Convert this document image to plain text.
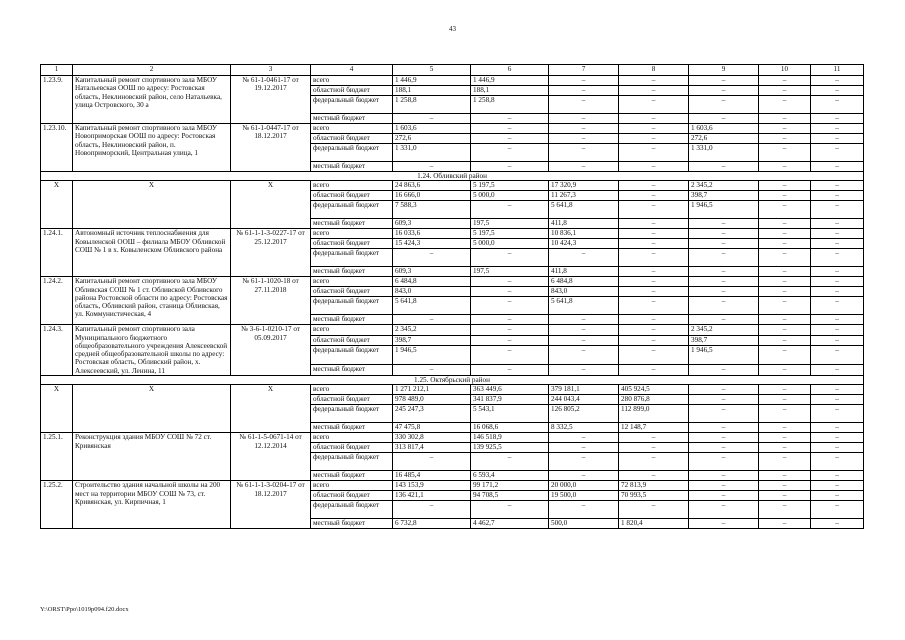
43
1	2	3	4	5	6	7	8	9	10	11
1.23.9.	Капитальный ремонт спортивного зала МБОУ Натальевская ООШ по адресу: Ростовская область, Неклиновский район, село Натальевка, улица Островского, 30 а	№ 61-1-0461-17 от 19.12.2017	всего	1 446,9	1 446,9	–	–	–	–	–
			областной бюджет	188,1	188,1	–	–	–	–	–
			федеральный бюджет	1 258,8	1 258,8	–	–	–	–	–
			местный бюджет	–	–	–	–	–	–	–
1.23.10.	Капитальный ремонт спортивного зала МБОУ Новоприморская ООШ по адресу: Ростовская область, Неклиновский район, п. Новоприморский, Центральная улица, 1	№ 61-1-0447-17 от 18.12.2017	всего	1 603,6	–	–	–	1 603,6	–	–
			областной бюджет	272,6	–	–	–	272,6	–	–
			федеральный бюджет	1 331,0	–	–	–	1 331,0	–	–
			местный бюджет	–	–	–	–	–	–	–
1.24. Обливский район										
Х	Х	Х	всего	24 863,6	5 197,5	17 320,9	–	2 345,2	–	–
			областной бюджет	16 666,0	5 000,0	11 267,3	–	398,7	–	–
			федеральный бюджет	7 588,3	–	5 641,8	–	1 946,5	–	–
			местный бюджет	609,3	197,5	411,8	–	–	–	–
1.24.1.	Автономный источник теплоснабжения для Ковыленской ООШ – филиала МБОУ Обливской СОШ № 1 в х. Ковыленском Обливского района	№ 61-1-1-3-0227-17 от 25.12.2017	всего	16 033,6	5 197,5	10 836,1	–	–	–	–
			областной бюджет	15 424,3	5 000,0	10 424,3	–	–	–	–
			федеральный бюджет	–	–	–	–	–	–	–
			местный бюджет	609,3	197,5	411,8	–	–	–	–
1.24.2.	Капитальный ремонт спортивного зала МБОУ Обливская СОШ № 1 ст. Обливской Обливского района Ростовской области по адресу: Ростовская область, Обливский район, станица Обливская, ул. Коммунистическая, 4	№ 61-1-1020-18 от 27.11.2018	всего	6 484,8	–	6 484,8	–	–	–	–
			областной бюджет	843,0	–	843,0	–	–	–	–
			федеральный бюджет	5 641,8	–	5 641,8	–	–	–	–
			местный бюджет	–	–	–	–	–	–	–
1.24.3.	Капитальный ремонт спортивного зала Муниципального бюджетного общеобразовательного учреждения Алексеевской средней общеобразовательной школы по адресу: Ростовская область, Обливский район, х. Алексеевский, ул. Ленина, 11	№ 3-6-1-0210-17 от 05.09.2017	всего	2 345,2	–	–	–	2 345,2	–	–
			областной бюджет	398,7	–	–	–	398,7	–	–
			федеральный бюджет	1 946,5	–	–	–	1 946,5	–	–
			местный бюджет	–	–	–	–	–	–	–
1.25. Октябрьский район										
Х	Х	Х	всего	1 271 212,1	363 449,6	379 181,1	405 924,5	–	–	–
			областной бюджет	978 489,0	341 837,9	244 043,4	280 876,8	–	–	–
			федеральный бюджет	245 247,3	5 543,1	126 805,2	112 899,0	–	–	–
			местный бюджет	47 475,8	16 068,6	8 332,5	12 148,7	–	–	–
1.25.1.	Реконструкция здания МБОУ СОШ № 72 ст. Кривянская	№ 61-1-5-0671-14 от 12.12.2014	всего	330 302,8	146 518,9	–	–	–	–	–
			областной бюджет	313 817,4	139 925,5	–	–	–	–	–
			федеральный бюджет	–	–	–	–	–	–	–
			местный бюджет	16 485,4	6 593,4	–	–	–	–	–
1.25.2.	Строительство здания начальной школы на 200 мест на территории МБОУ СОШ № 73, ст. Кривянская, ул. Кирпичная, 1	№ 61-1-1-3-0204-17 от 18.12.2017	всего	143 153,9	99 171,2	20 000,0	72 813,9	–	–	–
			областной бюджет	136 421,1	94 708,5	19 500,0	70 993,5	–	–	–
			федеральный бюджет	–	–	–	–	–	–	–
			местный бюджет	6 732,8	4 462,7	500,0	1 820,4	–	–	–
Y:\ORST\Ppo\1019p094.f20.docx
